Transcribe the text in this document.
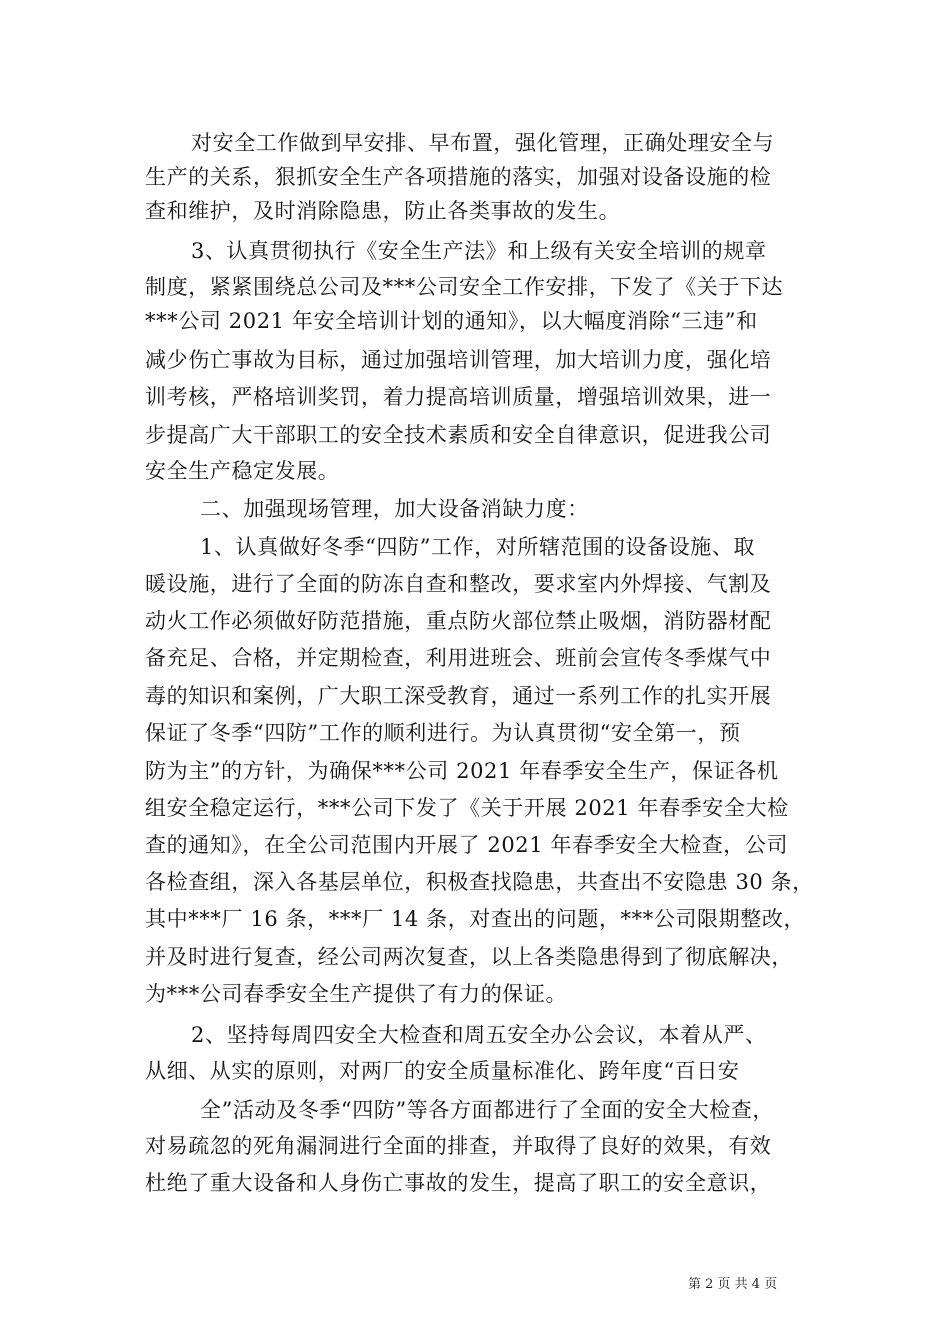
对安全工作做到早安排、早布置，强化管理，正确处理安全与
生产的关系，狠抓安全生产各项措施的落实，加强对设备设施的检
查和维护，及时消除隐患，防止各类事故的发生。
3、认真贯彻执行《安全生产法》和上级有关安全培训的规章
制度，紧紧围绕总公司及***公司安全工作安排，下发了《关于下达
***公司 2021 年安全培训计划的通知》，以大幅度消除“三违”和
减少伤亡事故为目标，通过加强培训管理，加大培训力度，强化培
训考核，严格培训奖罚，着力提高培训质量，增强培训效果，进一
步提高广大干部职工的安全技术素质和安全自律意识，促进我公司
安全生产稳定发展。
二、加强现场管理，加大设备消缺力度：
1、认真做好冬季“四防”工作，对所辖范围的设备设施、取
暖设施，进行了全面的防冻自查和整改，要求室内外焊接、气割及
动火工作必须做好防范措施，重点防火部位禁止吸烟，消防器材配
备充足、合格，并定期检查，利用进班会、班前会宣传冬季煤气中
毒的知识和案例，广大职工深受教育，通过一系列工作的扎实开展
保证了冬季“四防”工作的顺利进行。为认真贯彻“安全第一，预
防为主”的方针，为确保***公司 2021 年春季安全生产，保证各机
组安全稳定运行，***公司下发了《关于开展 2021 年春季安全大检
查的通知》，在全公司范围内开展了 2021 年春季安全大检查，公司
各检查组，深入各基层单位，积极查找隐患，共查出不安隐患 30 条，
其中***厂 16 条，***厂 14 条，对查出的问题，***公司限期整改，
并及时进行复查，经公司两次复查，以上各类隐患得到了彻底解决，
为***公司春季安全生产提供了有力的保证。
2、坚持每周四安全大检查和周五安全办公会议，本着从严、
从细、从实的原则，对两厂的安全质量标准化、跨年度“百日安
全”活动及冬季“四防”等各方面都进行了全面的安全大检查，
对易疏忽的死角漏洞进行全面的排查，并取得了良好的效果，有效
杜绝了重大设备和人身伤亡事故的发生，提高了职工的安全意识，
第 2 页 共 4 页
